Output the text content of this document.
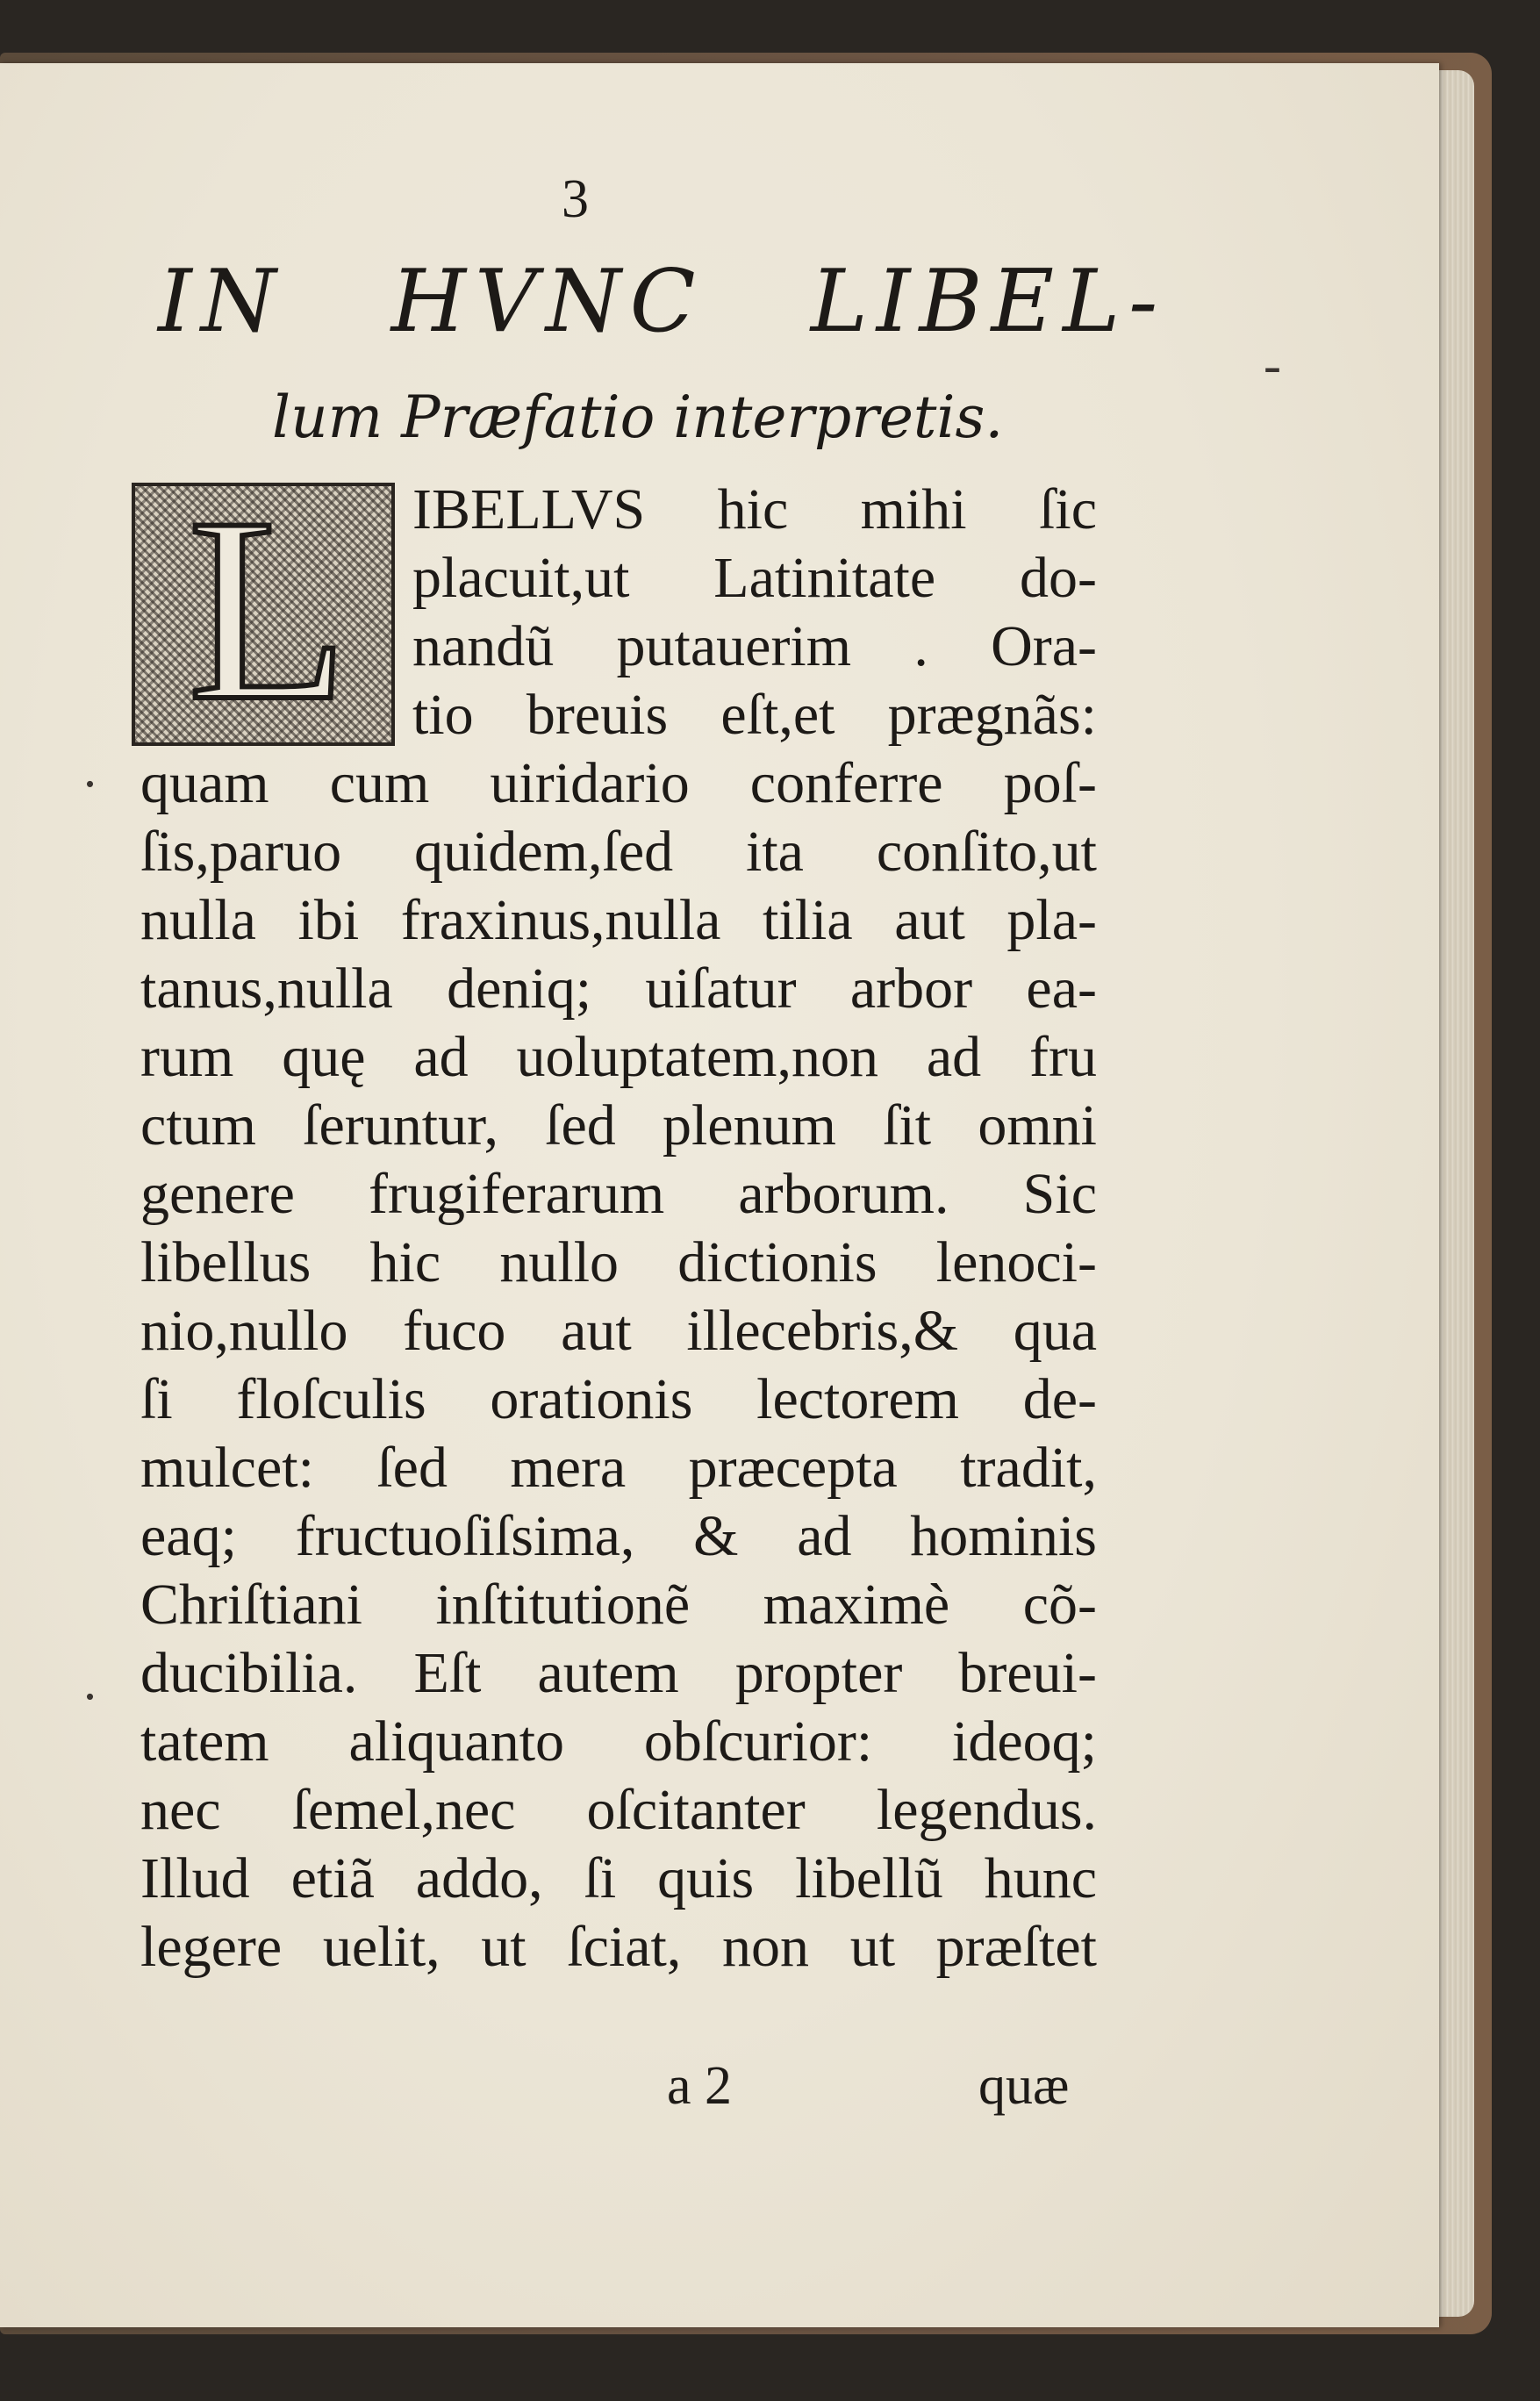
3
IN HVNC LIBEL-
lum Præfatio interpretis.
L	IBELLVS hic mihi ſic
placuit,ut Latinitate do-
nandũ putauerim . Ora-
tio breuis eſt,et prægnãs:
quam cum uiridario conferre poſ-
ſis,paruo quidem,ſed ita conſito,ut
nulla ibi fraxinus,nulla tilia aut pla-
tanus,nulla deniq; uiſatur arbor ea-
rum quę ad uoluptatem,non ad fru
ctum ſeruntur, ſed plenum ſit omni
genere frugiferarum arborum. Sic
libellus hic nullo dictionis lenoci-
nio,nullo fuco aut illecebris,& qua
ſi floſculis orationis lectorem de-
mulcet: ſed mera præcepta tradit,
eaq; fructuoſiſsima, & ad hominis
Chriſtiani inſtitutionẽ maximè cõ-
ducibilia. Eſt autem propter breui-
tatem aliquanto obſcurior: ideoq;
nec ſemel,nec oſcitanter legendus.
Illud etiã addo, ſi quis libellũ hunc
legere uelit, ut ſciat, non ut præſtet
a 2	quæ
-
.
.
